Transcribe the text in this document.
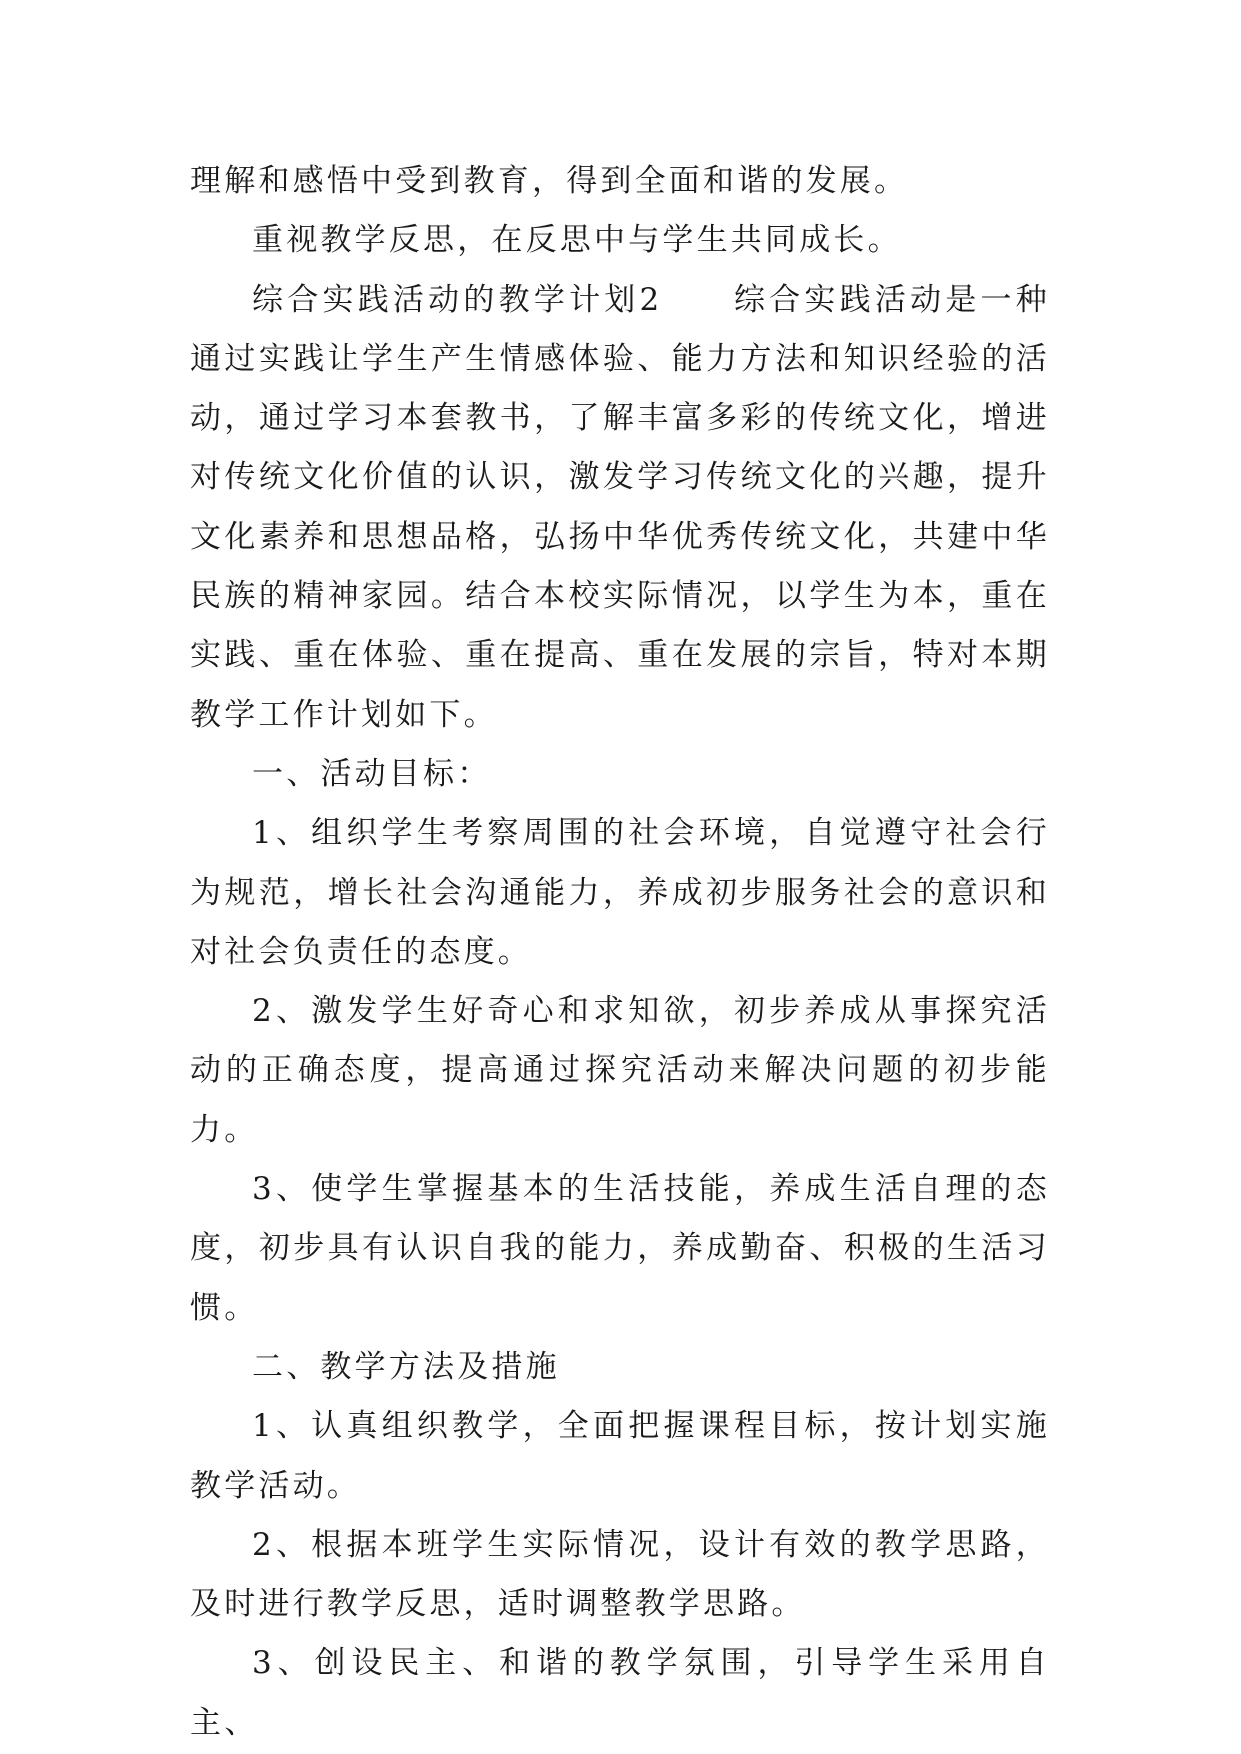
理解和感悟中受到教育，得到全面和谐的发展。

重视教学反思，在反思中与学生共同成长。

综合实践活动的教学计划2　　综合实践活动是一种通过实践让学生产生情感体验、能力方法和知识经验的活动，通过学习本套教书，了解丰富多彩的传统文化，增进对传统文化价值的认识，激发学习传统文化的兴趣，提升文化素养和思想品格，弘扬中华优秀传统文化，共建中华民族的精神家园。结合本校实际情况，以学生为本，重在实践、重在体验、重在提高、重在发展的宗旨，特对本期教学工作计划如下。

一、活动目标：

1、组织学生考察周围的社会环境，自觉遵守社会行为规范，增长社会沟通能力，养成初步服务社会的意识和对社会负责任的态度。

2、激发学生好奇心和求知欲，初步养成从事探究活动的正确态度，提高通过探究活动来解决问题的初步能力。

3、使学生掌握基本的生活技能，养成生活自理的态度，初步具有认识自我的能力，养成勤奋、积极的生活习惯。

二、教学方法及措施

1、认真组织教学，全面把握课程目标，按计划实施教学活动。

2、根据本班学生实际情况，设计有效的教学思路，及时进行教学反思，适时调整教学思路。

3、创设民主、和谐的教学氛围，引导学生采用自主、
